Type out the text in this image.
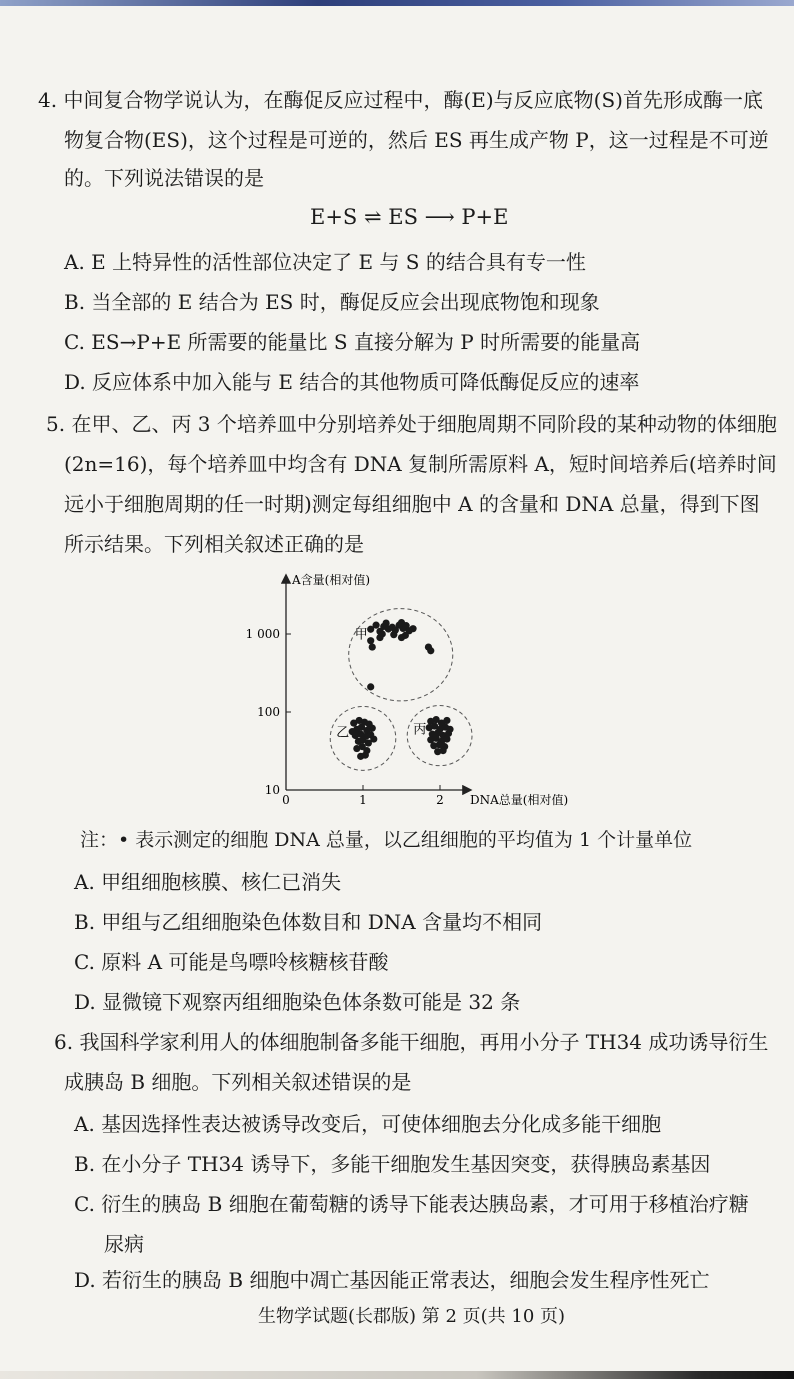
4. 中间复合物学说认为，在酶促反应过程中，酶(E)与反应底物(S)首先形成酶一底
物复合物(ES)，这个过程是可逆的，然后 ES 再生成产物 P，这一过程是不可逆
的。下列说法错误的是
E+S ⇌ ES ⟶ P+E
A. E 上特异性的活性部位决定了 E 与 S 的结合具有专一性
B. 当全部的 E 结合为 ES 时，酶促反应会出现底物饱和现象
C. ES→P+E 所需要的能量比 S 直接分解为 P 时所需要的能量高
D. 反应体系中加入能与 E 结合的其他物质可降低酶促反应的速率
5. 在甲、乙、丙 3 个培养皿中分别培养处于细胞周期不同阶段的某种动物的体细胞
(2n=16)，每个培养皿中均含有 DNA 复制所需原料 A，短时间培养后(培养时间
远小于细胞周期的任一时期)测定每组细胞中 A 的含量和 DNA 总量，得到下图
所示结果。下列相关叙述正确的是
A含量(相对值)
DNA总量(相对值)
10
100
1 000
0	1	2
甲
乙	丙
注：• 表示测定的细胞 DNA 总量，以乙组细胞的平均值为 1 个计量单位
A. 甲组细胞核膜、核仁已消失
B. 甲组与乙组细胞染色体数目和 DNA 含量均不相同
C. 原料 A 可能是鸟嘌呤核糖核苷酸
D. 显微镜下观察丙组细胞染色体条数可能是 32 条
6. 我国科学家利用人的体细胞制备多能干细胞，再用小分子 TH34 成功诱导衍生
成胰岛 B 细胞。下列相关叙述错误的是
A. 基因选择性表达被诱导改变后，可使体细胞去分化成多能干细胞
B. 在小分子 TH34 诱导下，多能干细胞发生基因突变，获得胰岛素基因
C. 衍生的胰岛 B 细胞在葡萄糖的诱导下能表达胰岛素，才可用于移植治疗糖
尿病
D. 若衍生的胰岛 B 细胞中凋亡基因能正常表达，细胞会发生程序性死亡
生物学试题(长郡版) 第 2 页(共 10 页)
